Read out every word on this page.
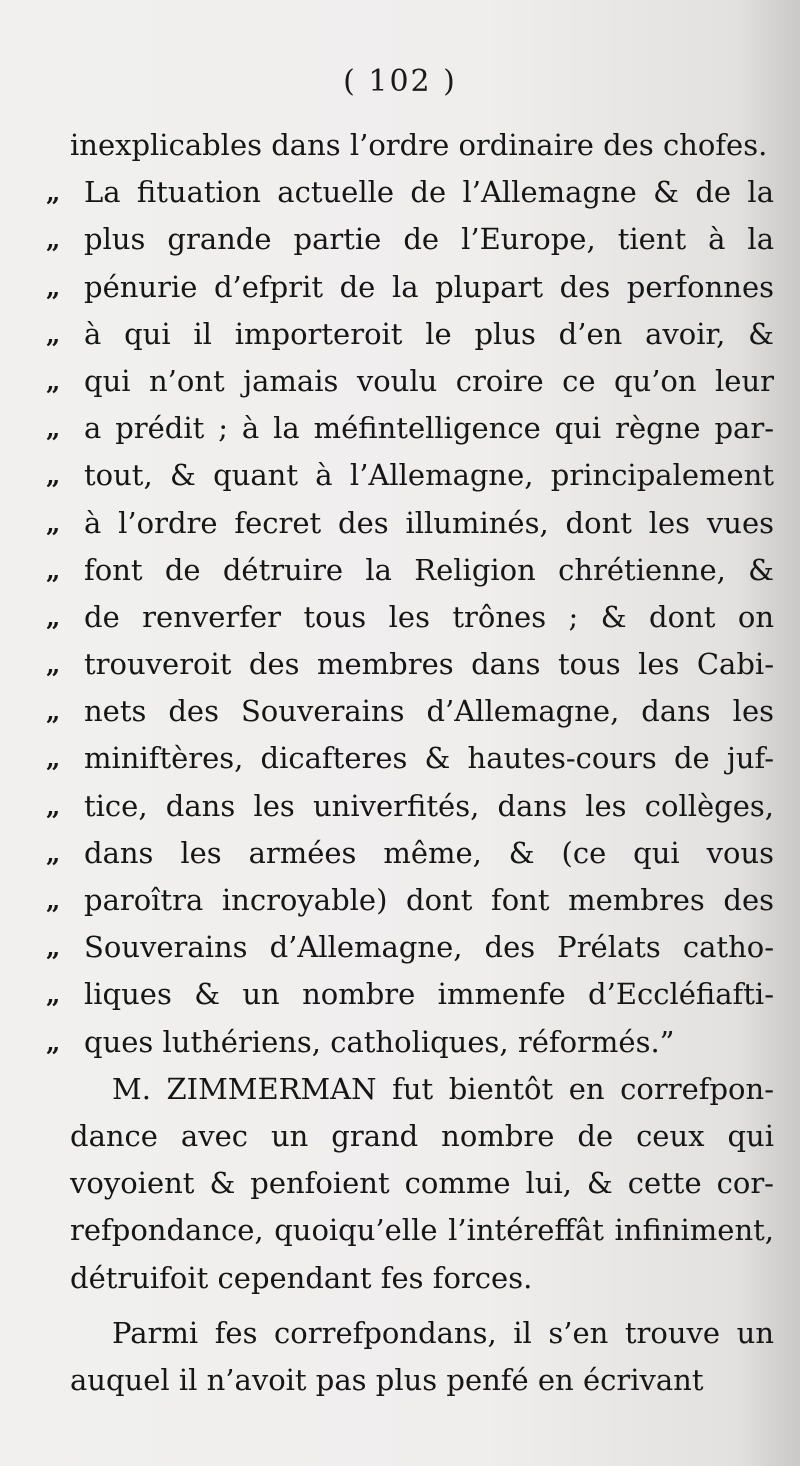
( 102 )
inexplicables dans l’ordre ordinaire des chofes.
„ La fituation actuelle de l’Allemagne & de la
„ plus grande partie de l’Europe, tient à la
„ pénurie d’efprit de la plupart des perfonnes
„ à qui il importeroit le plus d’en avoir, &
„ qui n’ont jamais voulu croire ce qu’on leur
„ a prédit ; à la méfintelligence qui règne par-
„ tout, & quant à l’Allemagne, principalement
„ à l’ordre fecret des illuminés, dont les vues
„ font de détruire la Religion chrétienne, &
„ de renverfer tous les trônes ; & dont on
„ trouveroit des membres dans tous les Cabi-
„ nets des Souverains d’Allemagne, dans les
„ miniftères, dicafteres & hautes-cours de juf-
„ tice, dans les univerfités, dans les collèges,
„ dans les armées même, & (ce qui vous
„ paroîtra incroyable) dont font membres des
„ Souverains d’Allemagne, des Prélats catho-
„ liques & un nombre immenfe d’Eccléfiafti-
„ ques luthériens, catholiques, réformés.”
M. ZIMMERMAN fut bientôt en correfpon-
dance avec un grand nombre de ceux qui
voyoient & penfoient comme lui, & cette cor-
refpondance, quoiqu’elle l’intéreffât infiniment,
détruifoit cependant fes forces.
Parmi fes correfpondans, il s’en trouve un
auquel il n’avoit pas plus penfé en écrivant
